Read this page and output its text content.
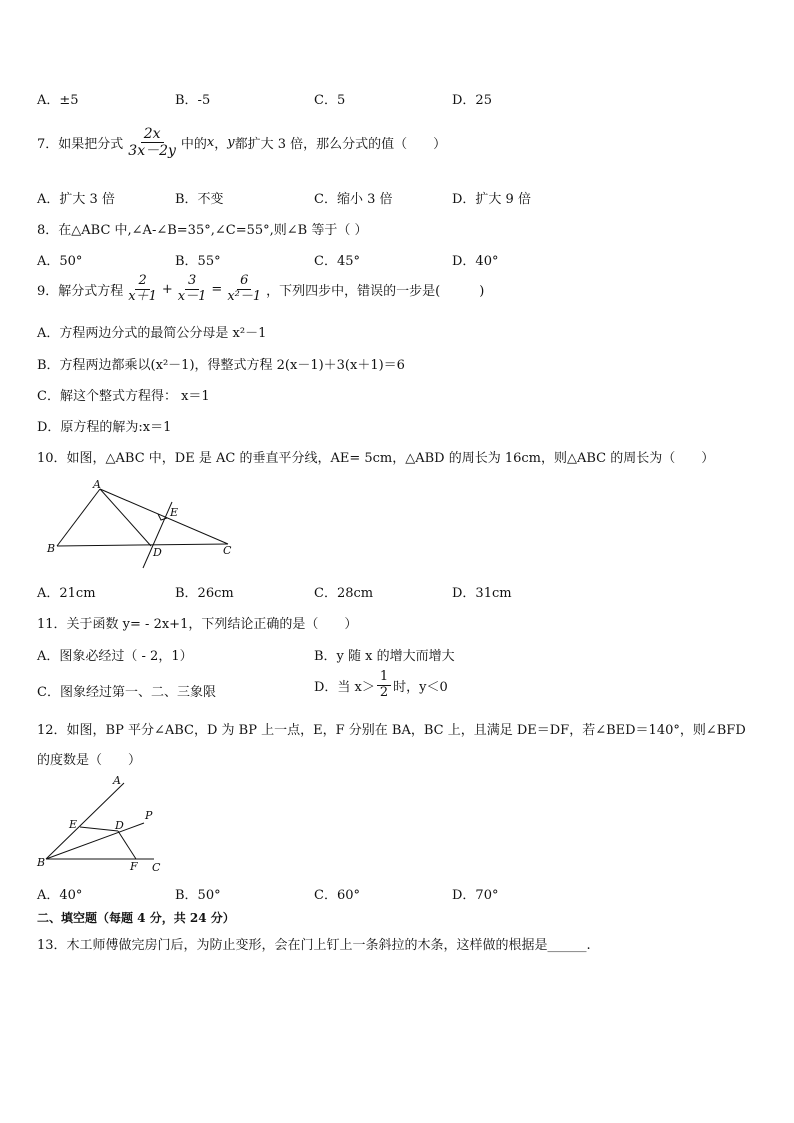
A．±5	B．-5	C．5	D．25
7．如果把分式 $\frac{2x}{3x-2y}$ 中的 x ， y 都扩大 3 倍，那么分式的值（　　）
A．扩大 3 倍	B．不变	C．缩小 3 倍	D．扩大 9 倍
8．在△ABC 中,∠A-∠B=35°,∠C=55°,则∠B 等于（ ）
A．50°	B．55°	C．45°	D．40°
9．解分式方程 $\frac{2}{x+1} + \frac{3}{x-1} = \frac{6}{\text{x²－1}}$ ，下列四步中，错误的一步是(　　　)
A．方程两边分式的最简公分母是 x²－1
B．方程两边都乘以(x²－1)，得整式方程 2(x－1)＋3(x＋1)＝6
C．解这个整式方程得： x＝1
D．原方程的解为:x＝1
10．如图，△ABC 中，DE 是 AC 的垂直平分线，AE= 5cm，△ABD 的周长为 16cm，则△ABC 的周长为（　　）
A
B	C
D
E
A．21cm	B．26cm	C．28cm	D．31cm
11．关于函数 y= - 2x+1，下列结论正确的是（　　）
A．图象必经过（ - 2，1）	B．y 随 x 的增大而增大
C．图象经过第一、二、三象限	D．当 $x> \frac{1}{2}$ 时，y＜0
12．如图，BP 平分∠ABC，D 为 BP 上一点，E，F 分别在 BA，BC 上，且满足 DE＝DF，若∠BED＝140°，则∠BFD
的度数是（　　）
A
P
E	D
B	F C
A．40°	B．50°	C．60°	D．70°
二、填空题（每题 4 分，共 24 分）
13．木工师傅做完房门后，为防止变形，会在门上钉上一条斜拉的木条，这样做的根据是______.
